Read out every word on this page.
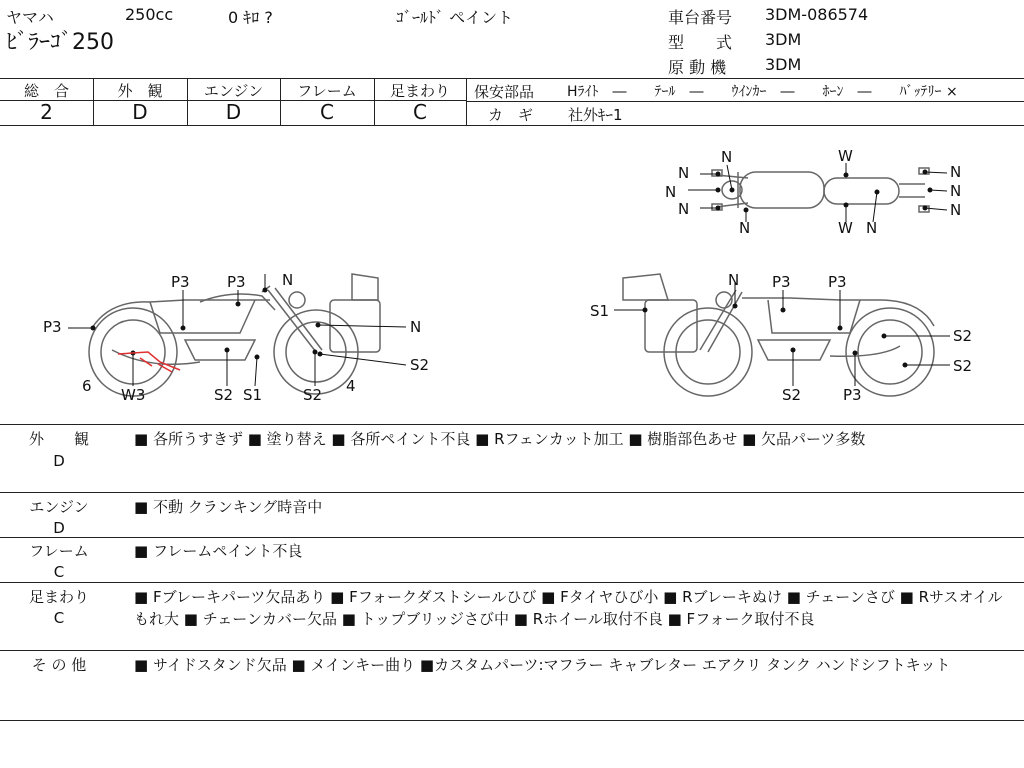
ヤマハ	250cc	0 ｷﾛ ?	ｺﾞｰﾙﾄﾞ ペイント
ﾋﾞﾗｰｺﾞ250
車台番号 3DM-086574
型　　式 3DM
原 動 機 3DM
総　合	外　観	エンジン	フレーム	足まわり
2	D	D	C	C
保安部品 Hﾗｲﾄ　―　　ﾃｰﾙ　―　　ｳｲﾝｶｰ　―　　ﾎｰﾝ　―　　ﾊﾞｯﾃﾘｰ ×
カ　ギ 社外ｷｰ1
N
N
N
N
N
W
W N
N
N
N
P3 P3 N
P3	N
6 W3	S2 S1	S2 4
S2
N P3 P3
S1
S2
S2
S2	P3
外　　観
D
■ 各所うすきず ■ 塗り替え ■ 各所ペイント不良 ■ Rフェンカット加工 ■ 樹脂部色あせ ■ 欠品パーツ多数
エンジン
D
■ 不動 クランキング時音中
フレーム
C
■ フレームペイント不良
足まわり
C
■ Fブレーキパーツ欠品あり ■ Fフォークダストシールひび ■ Fタイヤひび小 ■ Rブレーキぬけ ■ チェーンさび ■ Rサスオイルもれ大 ■ チェーンカバー欠品 ■ トップブリッジさび中 ■ Rホイール取付不良 ■ Fフォーク取付不良
そ の 他	■ サイドスタンド欠品 ■ メインキー曲り ■カスタムパーツ:マフラー キャブレター エアクリ タンク ハンドシフトキット
